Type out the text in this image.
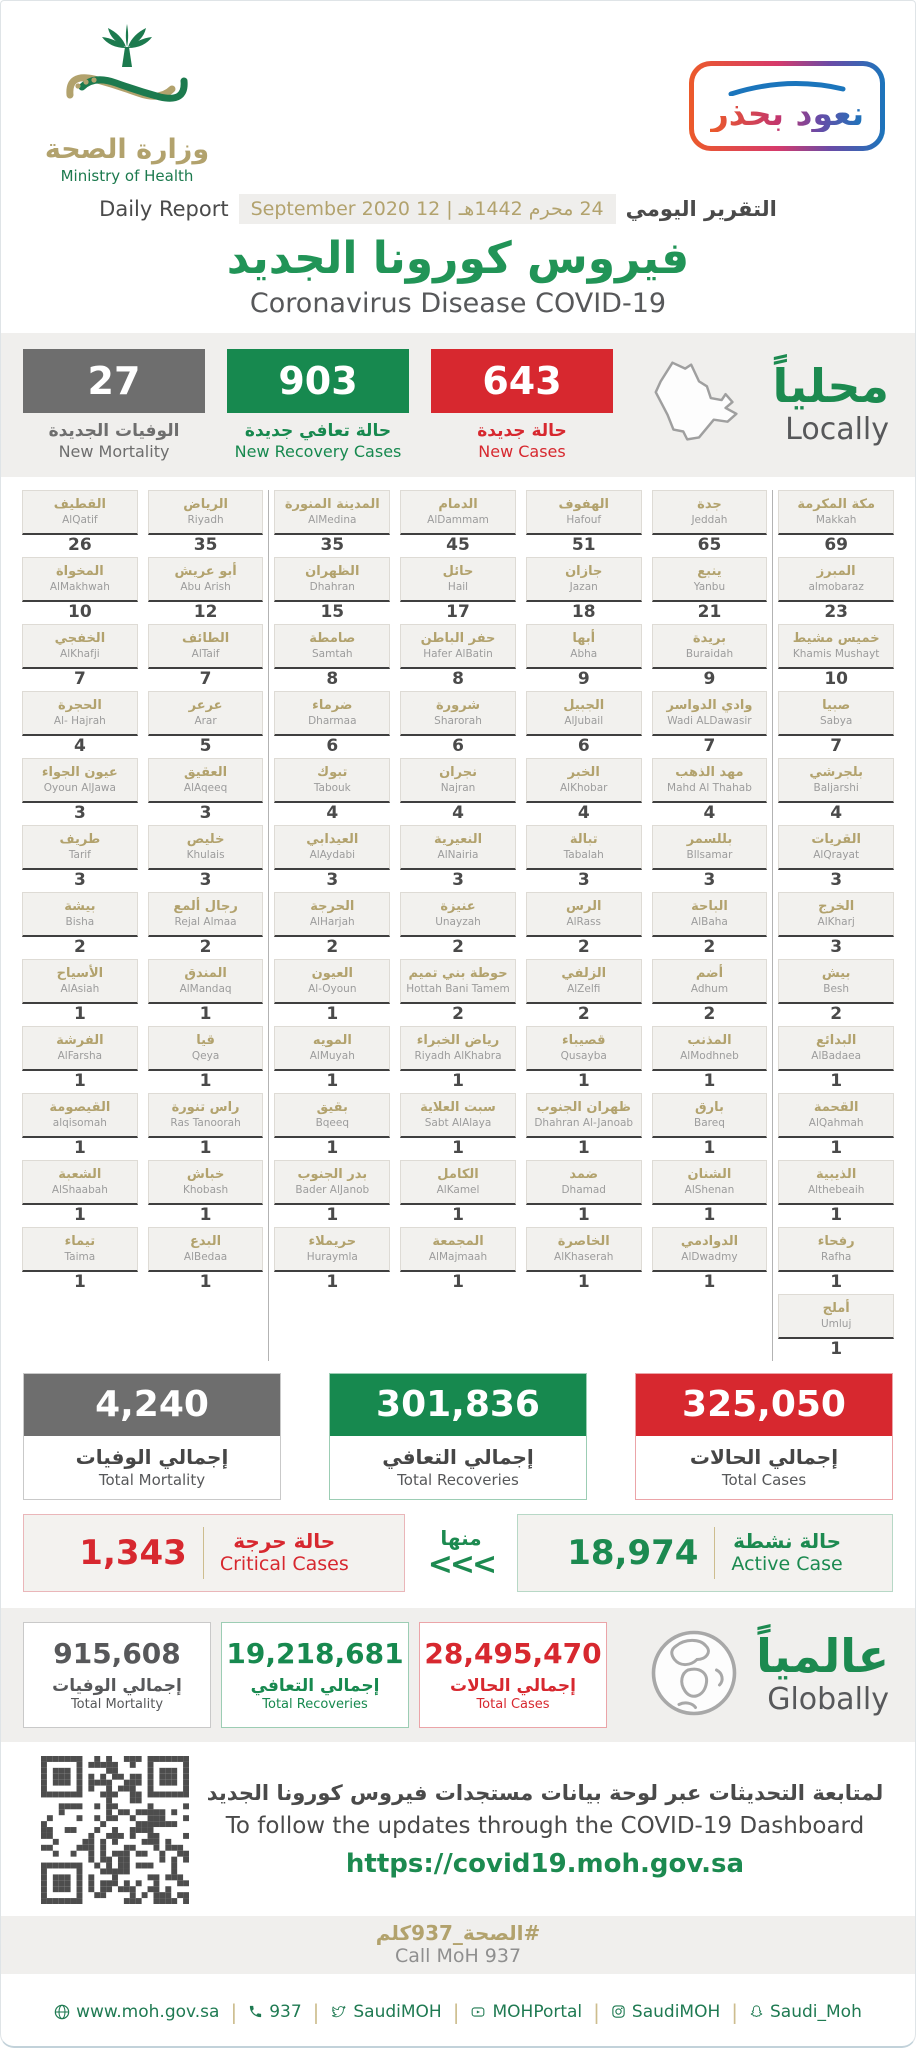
وزارة الصحة
Ministry of Health
نعود بحذر
Daily Report	24 محرم 1442هـ | 12 September 2020	التقرير اليومي
فيروس كورونا الجديد
Coronavirus Disease COVID-19
27
الوفيات الجديدة
New Mortality
903
حالة تعافي جديدة
New Recovery Cases
643
حالة جديدة
New Cases
محلياً
Locally
القطيف
AlQatif
26
المخواة
AlMakhwah
10
الخفجي
AlKhafji
7
الحجرة
Al- Hajrah
4
عيون الجواء
Oyoun AlJawa
3
طريف
Tarif
3
بيشة
Bisha
2
الأسياح
AlAsiah
1
الفرشة
AlFarsha
1
القيصومة
alqisomah
1
الشعبة
AlShaabah
1
تيماء
Taima
1
الرياض
Riyadh
35
أبو عريش
Abu Arish
12
الطائف
AlTaif
7
عرعر
Arar
5
العقيق
AlAqeeq
3
خليص
Khulais
3
رجال ألمع
Rejal Almaa
2
المندق
AlMandaq
1
قيا
Qeya
1
راس تنورة
Ras Tanoorah
1
خباش
Khobash
1
البدع
AlBedaa
1
المدينة المنورة
AlMedina
35
الظهران
Dhahran
15
صامطة
Samtah
8
ضرماء
Dharmaa
6
تبوك
Tabouk
4
العيدابي
AlAydabi
3
الحرجة
AlHarjah
2
العيون
Al-Oyoun
1
المويه
AlMuyah
1
بقيق
Bqeeq
1
بدر الجنوب
Bader AlJanob
1
حريملاء
Huraymla
1
الدمام
AlDammam
45
حائل
Hail
17
حفر الباطن
Hafer AlBatin
8
شرورة
Sharorah
6
نجران
Najran
4
النعيرية
AlNairia
3
عنيزة
Unayzah
2
حوطة بني تميم
Hottah Bani Tamem
2
رياض الخبراء
Riyadh AlKhabra
1
سبت العلاية
Sabt AlAlaya
1
الكامل
AlKamel
1
المجمعة
AlMajmaah
1
الهفوف
Hafouf
51
جازان
Jazan
18
أبها
Abha
9
الجبيل
AlJubail
6
الخبر
AlKhobar
4
تبالة
Tabalah
3
الرس
AlRass
2
الزلفي
AlZelfi
2
قصيباء
Qusayba
1
ظهران الجنوب
Dhahran Al-Janoab
1
ضمد
Dhamad
1
الخاصرة
AlKhaserah
1
جدة
Jeddah
65
ينبع
Yanbu
21
بريدة
Buraidah
9
وادي الدواسر
Wadi ALDawasir
7
مهد الذهب
Mahd Al Thahab
4
بللسمر
Bllsamar
3
الباحة
AlBaha
2
أضم
Adhum
2
المذنب
AlModhneb
1
بارق
Bareq
1
الشنان
AlShenan
1
الدوادمي
AlDwadmy
1
مكة المكرمة
Makkah
69
المبرز
almobaraz
23
خميس مشيط
Khamis Mushayt
10
صبيا
Sabya
7
بلجرشي
Baljarshi
4
القريات
AlQrayat
3
الخرج
AlKharj
3
بيش
Besh
2
البدائع
AlBadaea
1
القحمة
AlQahmah
1
الذيبية
Althebeaih
1
رفحاء
Rafha
1
أملج
Umluj
1
4,240
إجمالي الوفيات
Total Mortality
301,836
إجمالي التعافي
Total Recoveries
325,050
إجمالي الحالات
Total Cases
1,343	حالة حرجة
Critical Cases
منها
<<< 18,974 حالة نشطة
Active Case
915,608
إجمالي الوفيات
Total Mortality
19,218,681
إجمالي التعافي
Total Recoveries
28,495,470
إجمالي الحالات
Total Cases
عالمياً
Globally
لمتابعة التحديثات عبر لوحة بيانات مستجدات فيروس كورونا الجديد
To follow the updates through the COVID-19 Dashboard
https://covid19.moh.gov.sa
كلم#الصحة_937
Call MoH 937
www.moh.gov.sa | 937 | SaudiMOH | MOHPortal | SaudiMOH | Saudi_Moh
